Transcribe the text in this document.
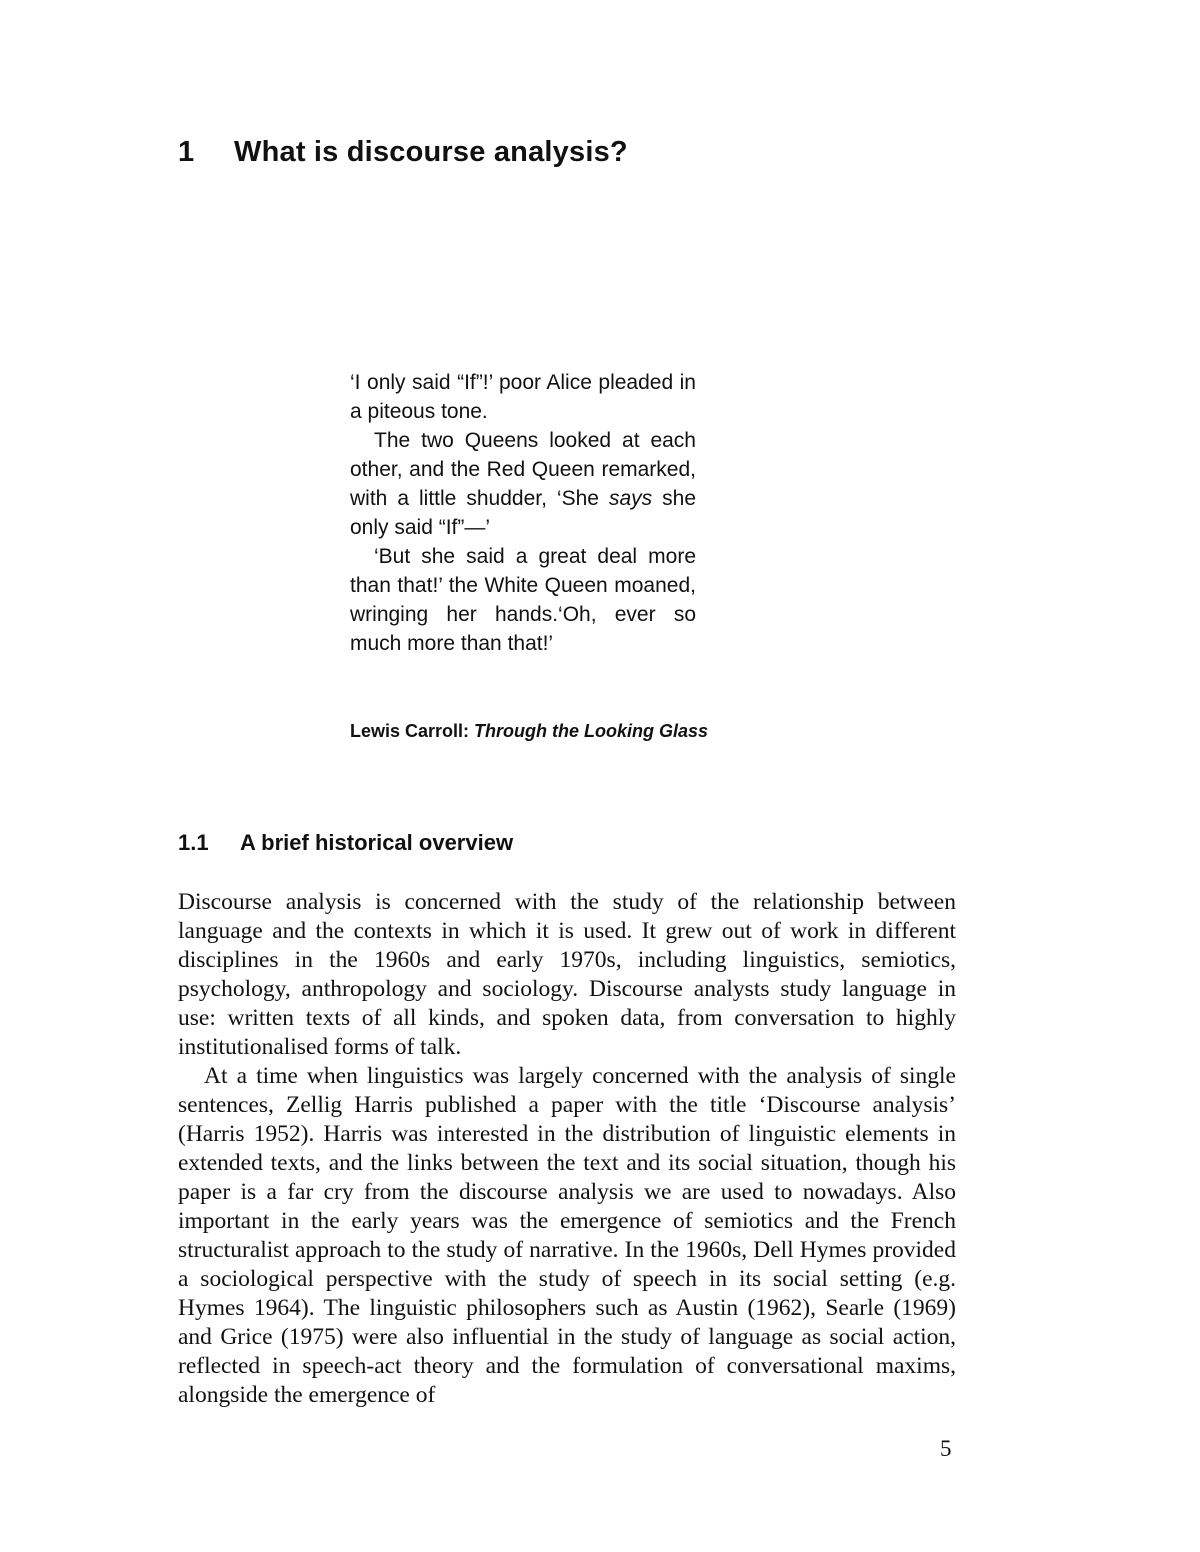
1 What is discourse analysis?

‘I only said “If”!’ poor Alice pleaded in a piteous tone.

The two Queens looked at each other, and the Red Queen remarked, with a little shudder, ‘She says she only said “If”—’

‘But she said a great deal more than that!’ the White Queen moaned, wringing her hands.‘Oh, ever so much more than that!’

Lewis Carroll: Through the Looking Glass
1.1 A brief historical overview

Discourse analysis is concerned with the study of the relationship between language and the contexts in which it is used. It grew out of work in different disciplines in the 1960s and early 1970s, including linguistics, semiotics, psychology, anthropology and sociology. Discourse analysts study language in use: written texts of all kinds, and spoken data, from conversation to highly institutionalised forms of talk.

At a time when linguistics was largely concerned with the analysis of single sentences, Zellig Harris published a paper with the title ‘Discourse analysis’ (Harris 1952). Harris was interested in the distribution of linguistic elements in extended texts, and the links between the text and its social situation, though his paper is a far cry from the discourse analysis we are used to nowadays. Also important in the early years was the emergence of semiotics and the French structuralist approach to the study of narrative. In the 1960s, Dell Hymes provided a sociological perspective with the study of speech in its social setting (e.g. Hymes 1964). The linguistic philosophers such as Austin (1962), Searle (1969) and Grice (1975) were also influential in the study of language as social action, reflected in speech-act theory and the formulation of conversational maxims, alongside the emergence of

5
